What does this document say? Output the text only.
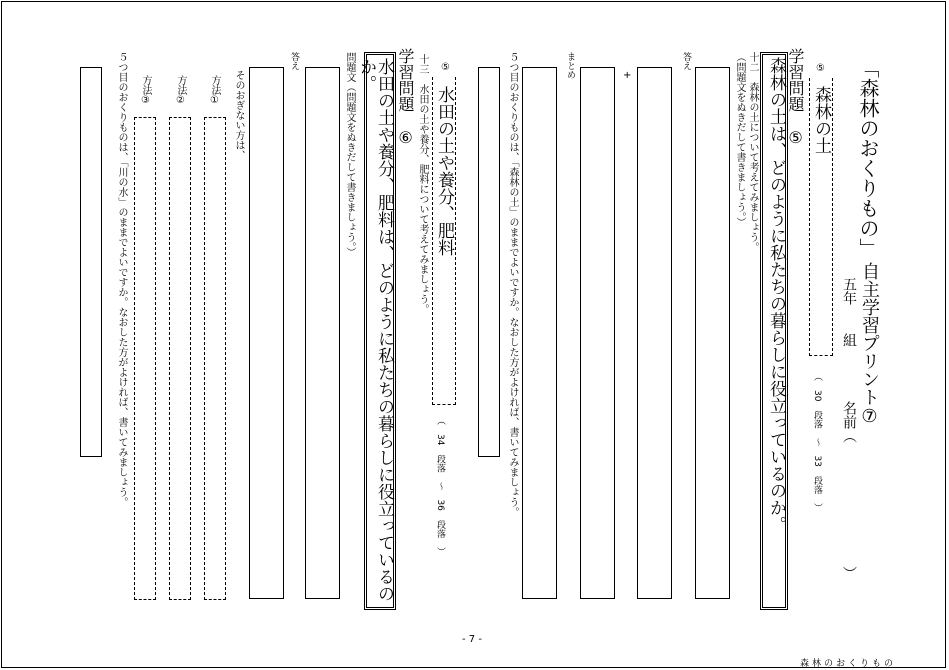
「森林のおくりもの」
自主学習プリント⑦
五年　　組
名前（
）
⑤
森林の土
（　30　段落　〜　33　段落　）
学習問題　⑤
森林の土は、どのように私たちの暮らしに役立っているのか。
十二　森林の土について考えてみましょう。
（問題文をぬきだして書きましょう。）
答え
+
まとめ
５つ目のおくりものは、「森林の土」のままでよいですか。なおした方がよければ、書いてみましょう。
⑤
水田の土や養分、肥料
（　34　段落　〜　36　段落　）
十三　水田の土や養分、肥料について考えてみましょう。
学習問題　⑥
水田の土や養分、肥料は、どのように私たちの暮らしに役立っているのか。
問題文（問題文をぬきだして書きましょう。）
答え
そのおぎない方は、
方法①
方法②
方法③
５つ目のおくりものは、「川の水」のままでよいですか。なおした方がよければ、書いてみましょう。
- 7 -
森林のおくりもの
